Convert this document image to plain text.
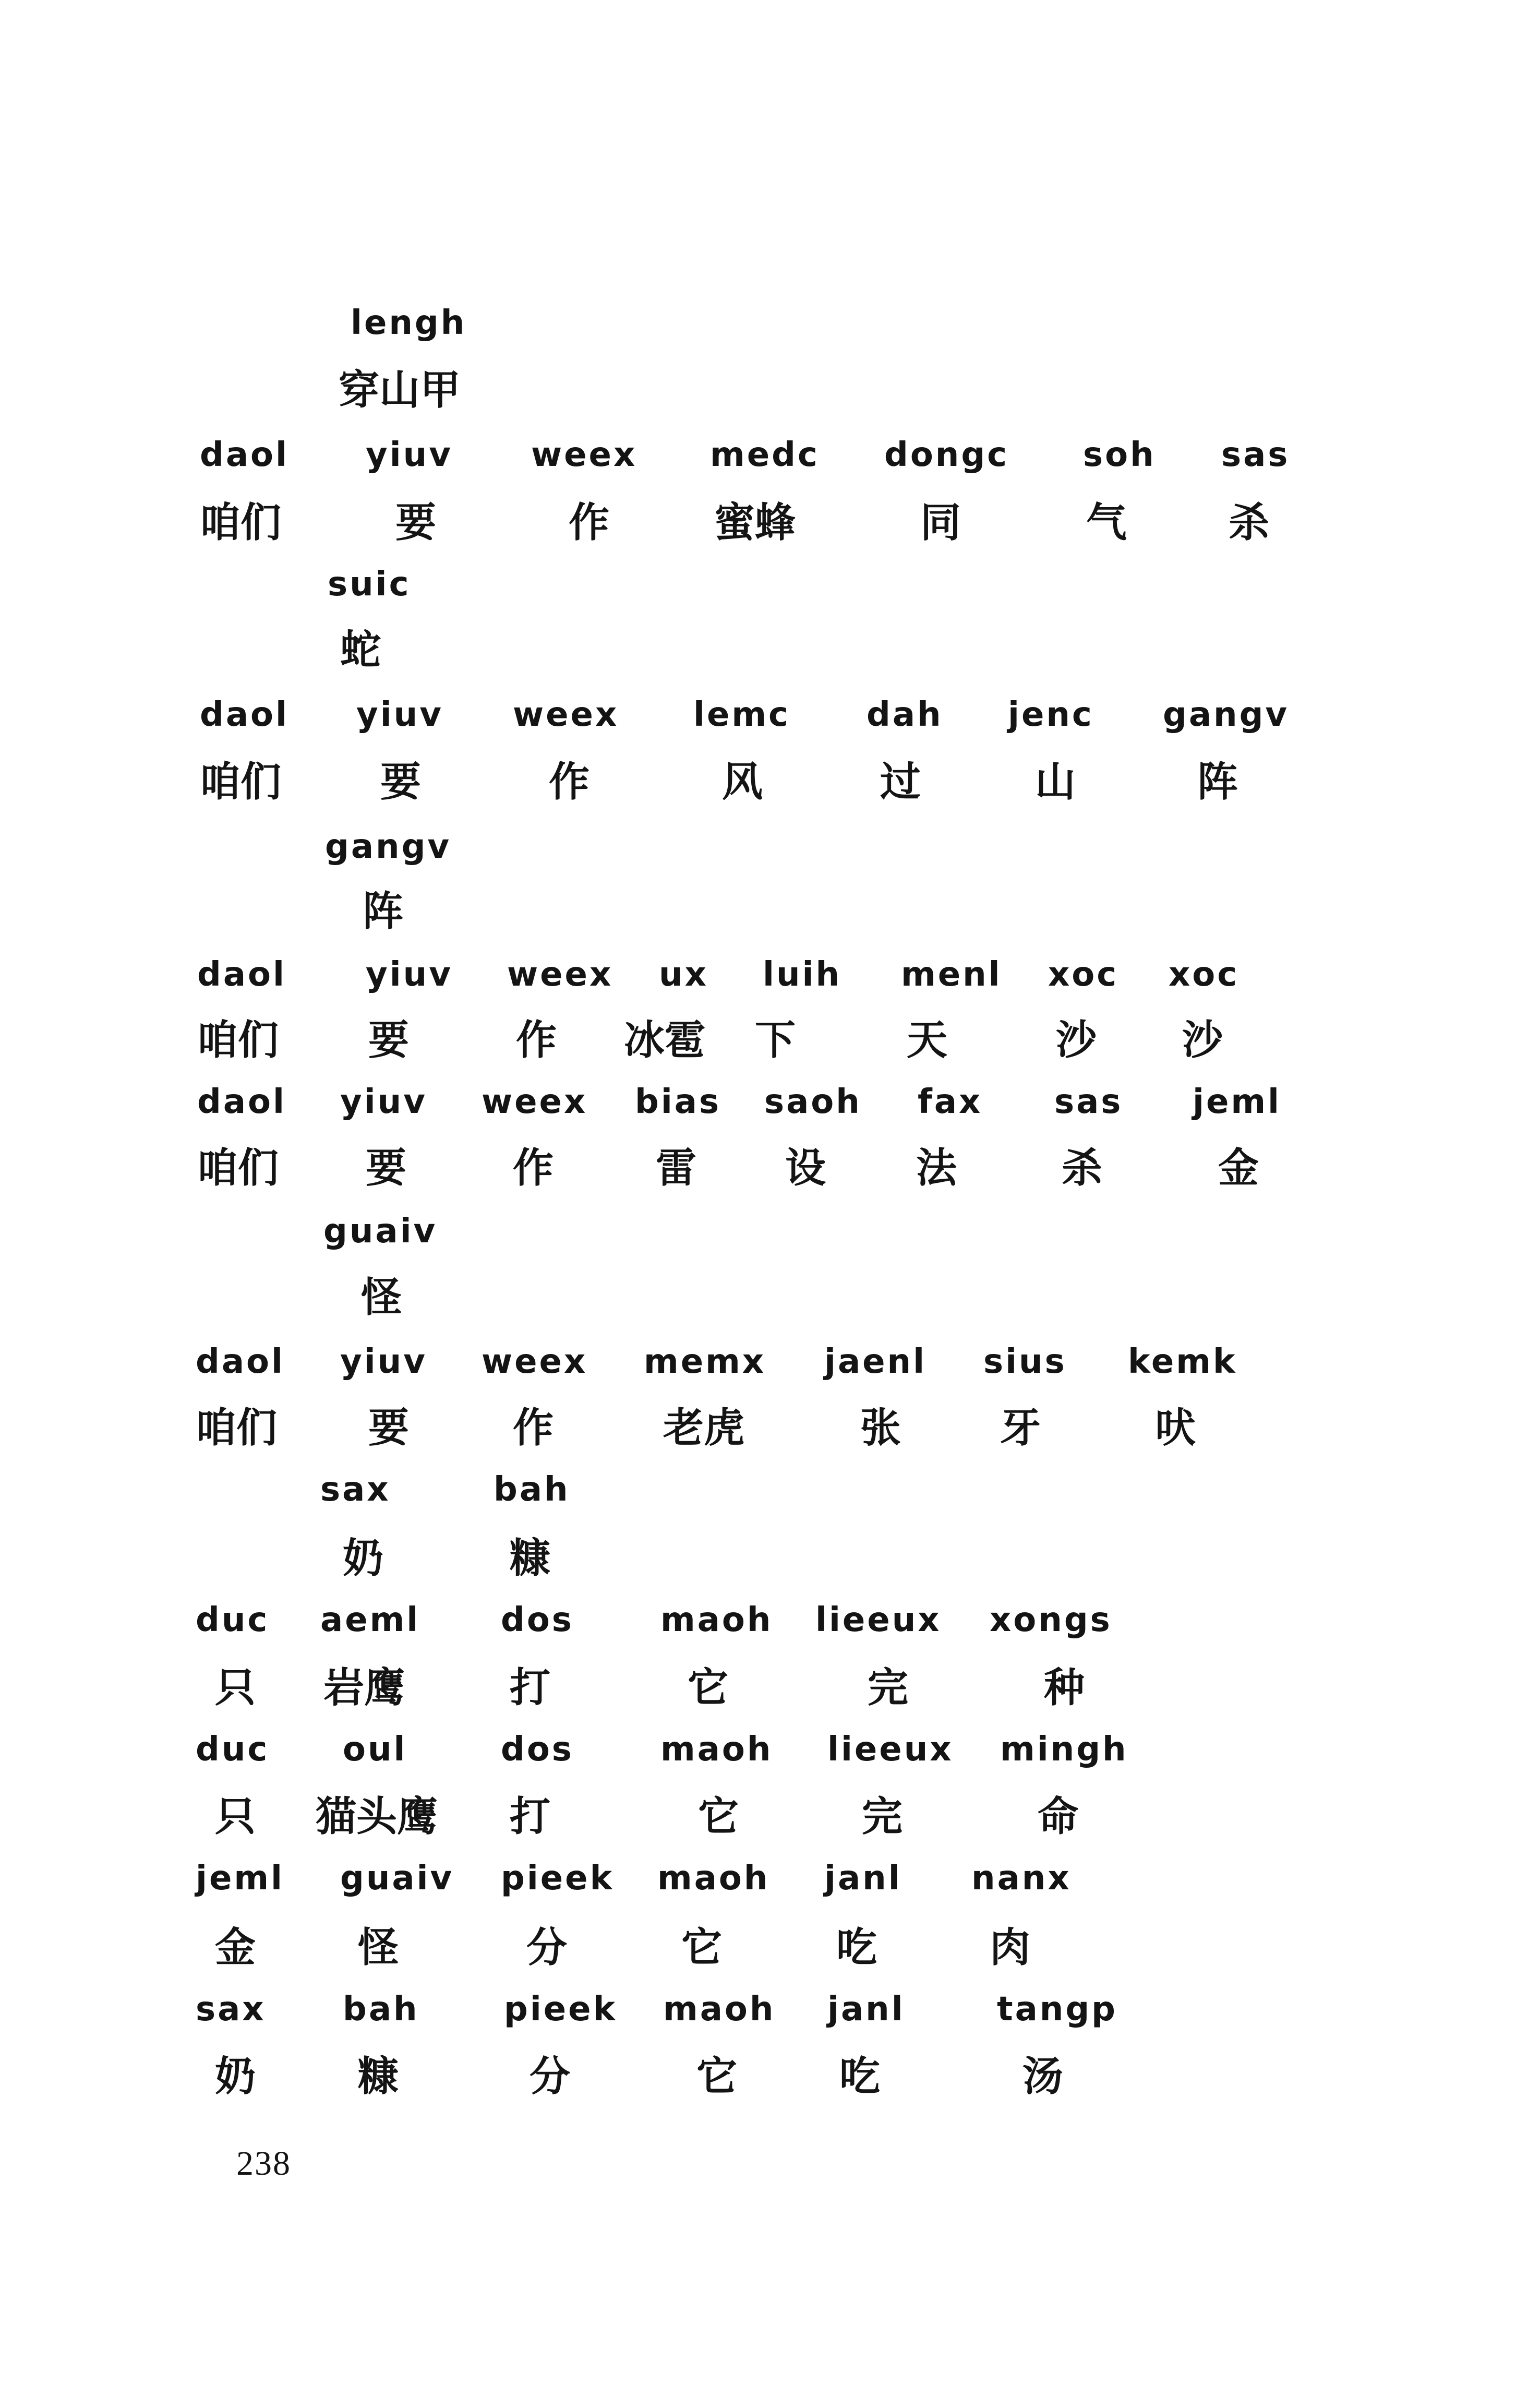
lengh
穿山甲
daol yiuv weex medc dongc soh sas
咱们	要	作	蜜蜂	同	气 杀
suic
蛇
daol yiuv weex lemc dah jenc gangv
咱们 要	作	风	过	山	阵
gangv
阵
daol yiuv weex ux luih menl xoc xoc
咱们 要	作 冰雹 下	天	沙 沙
daol yiuv weex bias saoh fax sas jeml
咱们 要	作	雷 设 法	杀	金
guaiv
怪
daol yiuv weex memx jaenl sius kemk
咱们 要	作	老虎	张 牙	吠
sax	bah
奶	糠
duc aeml dos	maoh lieeux xongs
只 岩鹰	打	它	完	种
duc oul	dos	maoh lieeux mingh
只 猫头鹰 打	它	完	命
jeml guaiv pieek maoh janl nanx
金	怪	分	它	吃	肉
sax bah	pieek maoh janl	tangp
奶	糠	分	它	吃	汤
238
